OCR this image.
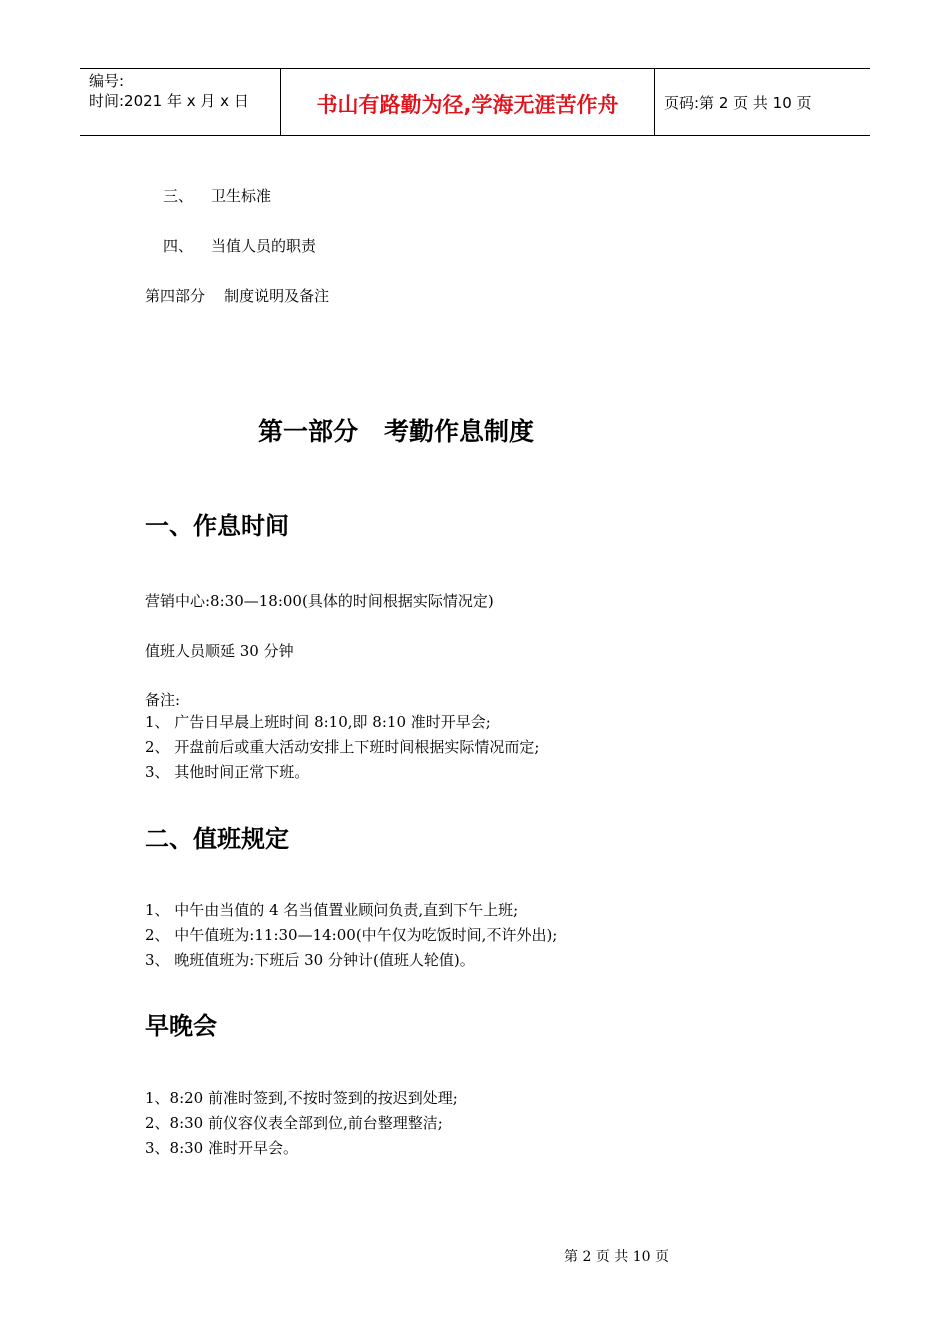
编号:
时间:2021 年 x 月 x 日	书山有路勤为径,学海无涯苦作舟	页码:第 2 页 共 10 页
三、 卫生标准
四、 当值人员的职责
第四部分    制度说明及备注
第一部分 考勤作息制度
一、作息时间
营销中心:8:30—18:00(具体的时间根据实际情况定)
值班人员顺延 30 分钟
备注:
1、 广告日早晨上班时间 8:10,即 8:10 准时开早会;
2、 开盘前后或重大活动安排上下班时间根据实际情况而定;
3、 其他时间正常下班。
二、值班规定
1、 中午由当值的 4 名当值置业顾问负责,直到下午上班;
2、 中午值班为:11:30—14:00(中午仅为吃饭时间,不许外出);
3、 晚班值班为:下班后 30 分钟计(值班人轮值)。
早晚会
1、8:20 前准时签到,不按时签到的按迟到处理;
2、8:30 前仪容仪表全部到位,前台整理整洁;
3、8:30 准时开早会。
第 2 页 共 10 页
